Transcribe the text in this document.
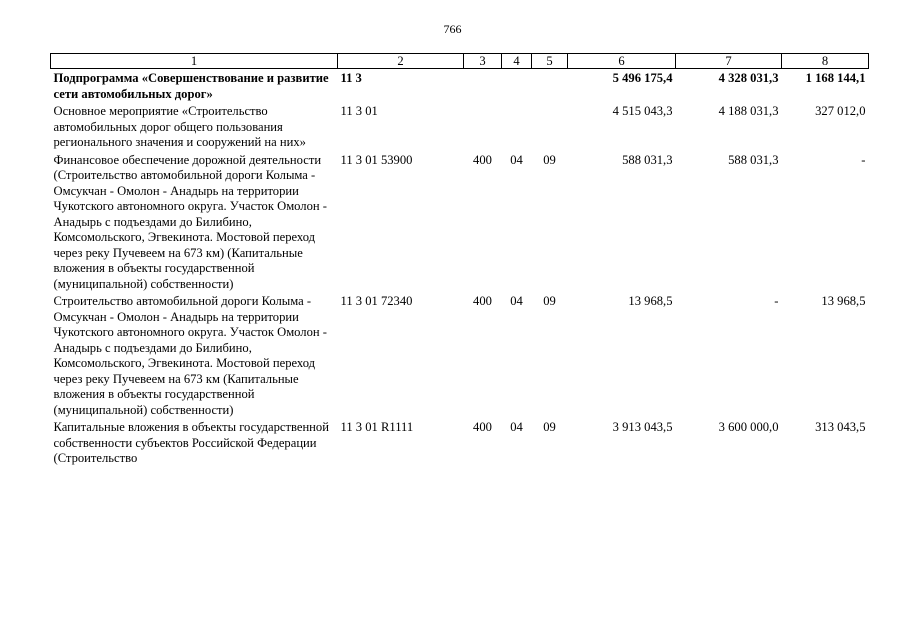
766
1	2	3	4	5	6	7	8
Подпрограмма «Совершенствование и развитие сети автомобильных дорог»	11 3				5 496 175,4	4 328 031,3	1 168 144,1
Основное мероприятие «Строительство автомобильных дорог общего пользования регионального значения и сооружений на них»	11 3 01				4 515 043,3	4 188 031,3	327 012,0
Финансовое обеспечение дорожной деятельности (Строительство автомобильной дороги Колыма - Омсукчан - Омолон - Анадырь на территории Чукотского автономного округа. Участок Омолон - Анадырь с подъездами до Билибино, Комсомольского, Эгвекинота. Мостовой переход через реку Пучевеем на 673 км) (Капитальные вложения в объекты государственной (муниципальной) собственности)	11 3 01 53900	400	04	09	588 031,3	588 031,3	-
Строительство автомобильной дороги Колыма - Омсукчан - Омолон - Анадырь на территории Чукотского автономного округа. Участок Омолон - Анадырь с подъездами до Билибино, Комсомольского, Эгвекинота. Мостовой переход через реку Пучевеем на 673 км (Капитальные вложения в объекты государственной (муниципальной) собственности)	11 3 01 72340	400	04	09	13 968,5	-	13 968,5
Капитальные вложения в объекты государственной собственности субъектов Российской Федерации (Строительство	11 3 01 R1111	400	04	09	3 913 043,5	3 600 000,0	313 043,5
